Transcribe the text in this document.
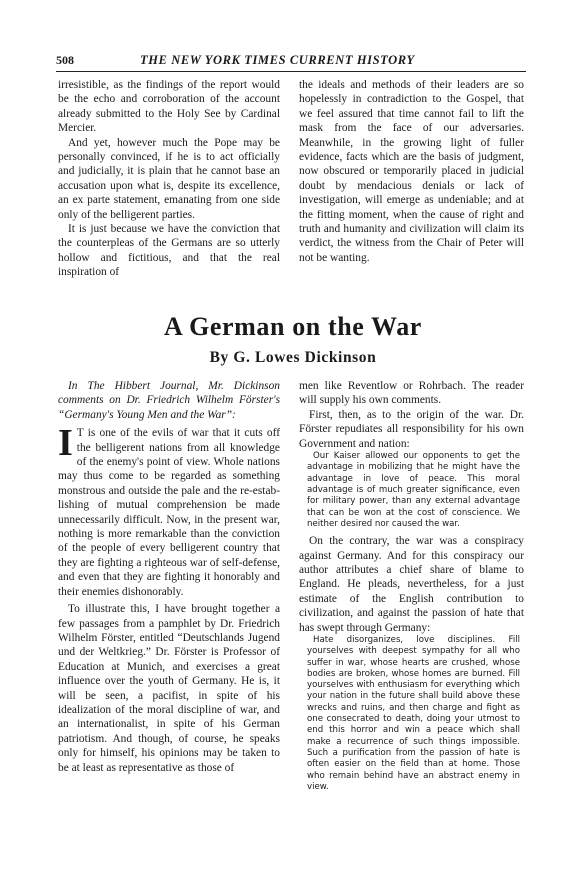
508	THE NEW YORK TIMES CURRENT HISTORY

irresistible, as the findings of the report would be the echo and corroboration of the account already submitted to the Holy See by Cardinal Mercier.

And yet, however much the Pope may be personally convinced, if he is to act officially and judicially, it is plain that he cannot base an accusation upon what is, despite its excellence, an ex parte statement, emanating from one side only of the belligerent parties.

It is just because we have the conviction that the counterpleas of the Germans are so utterly hollow and fictitious, and that the real inspiration of

the ideals and methods of their leaders are so hopelessly in contradiction to the Gospel, that we feel assured that time cannot fail to lift the mask from the face of our adversaries. Meanwhile, in the growing light of fuller evidence, facts which are the basis of judgment, now obscured or temporarily placed in judicial doubt by mendacious denials or lack of investigation, will emerge as undeniable; and at the fitting moment, when the cause of right and truth and humanity and civilization will claim its verdict, the witness from the Chair of Peter will not be wanting.

A German on the War
By G. Lowes Dickinson

In The Hibbert Journal, Mr. Dickinson comments on Dr. Friedrich Wilhelm Förster's “Germany's Young Men and the War”:

I T is one of the evils of war that it cuts off the belligerent nations from all knowledge of the enemy's point of view. Whole nations may thus come to be regarded as something monstrous and outside the pale and the re-establishing of mutual comprehension be made unnecessarily difficult. Now, in the present war, nothing is more remarkable than the conviction of the people of every belligerent country that they are fighting a righteous war of self-defense, and even that they are fighting it honorably and their enemies dishonorably.

To illustrate this, I have brought together a few passages from a pamphlet by Dr. Friedrich Wilhelm Förster, entitled “Deutschlands Jugend und der Weltkrieg.” Dr. Förster is Professor of Education at Munich, and exercises a great influence over the youth of Germany. He is, it will be seen, a pacifist, in spite of his idealization of the moral discipline of war, and an internationalist, in spite of his German patriotism. And though, of course, he speaks only for himself, his opinions may be taken to be at least as representative as those of

men like Reventlow or Rohrbach. The reader will supply his own comments.

First, then, as to the origin of the war. Dr. Förster repudiates all responsibility for his own Government and nation:

Our Kaiser allowed our opponents to get the advantage in mobilizing that he might have the advantage in love of peace. This moral advantage is of much greater significance, even for military power, than any external advantage that can be won at the cost of conscience. We neither desired nor caused the war.

On the contrary, the war was a conspiracy against Germany. And for this conspiracy our author attributes a chief share of blame to England. He pleads, nevertheless, for a just estimate of the English contribution to civilization, and against the passion of hate that has swept through Germany:

Hate disorganizes, love disciplines. Fill yourselves with deepest sympathy for all who suffer in war, whose hearts are crushed, whose bodies are broken, whose homes are burned. Fill yourselves with enthusiasm for everything which your nation in the future shall build above these wrecks and ruins, and then charge and fight as one consecrated to death, doing your utmost to end this horror and win a peace which shall make a recurrence of such things impossible. Such a purification from the passion of hate is often easier on the field than at home. Those who remain behind have an abstract enemy in view.
